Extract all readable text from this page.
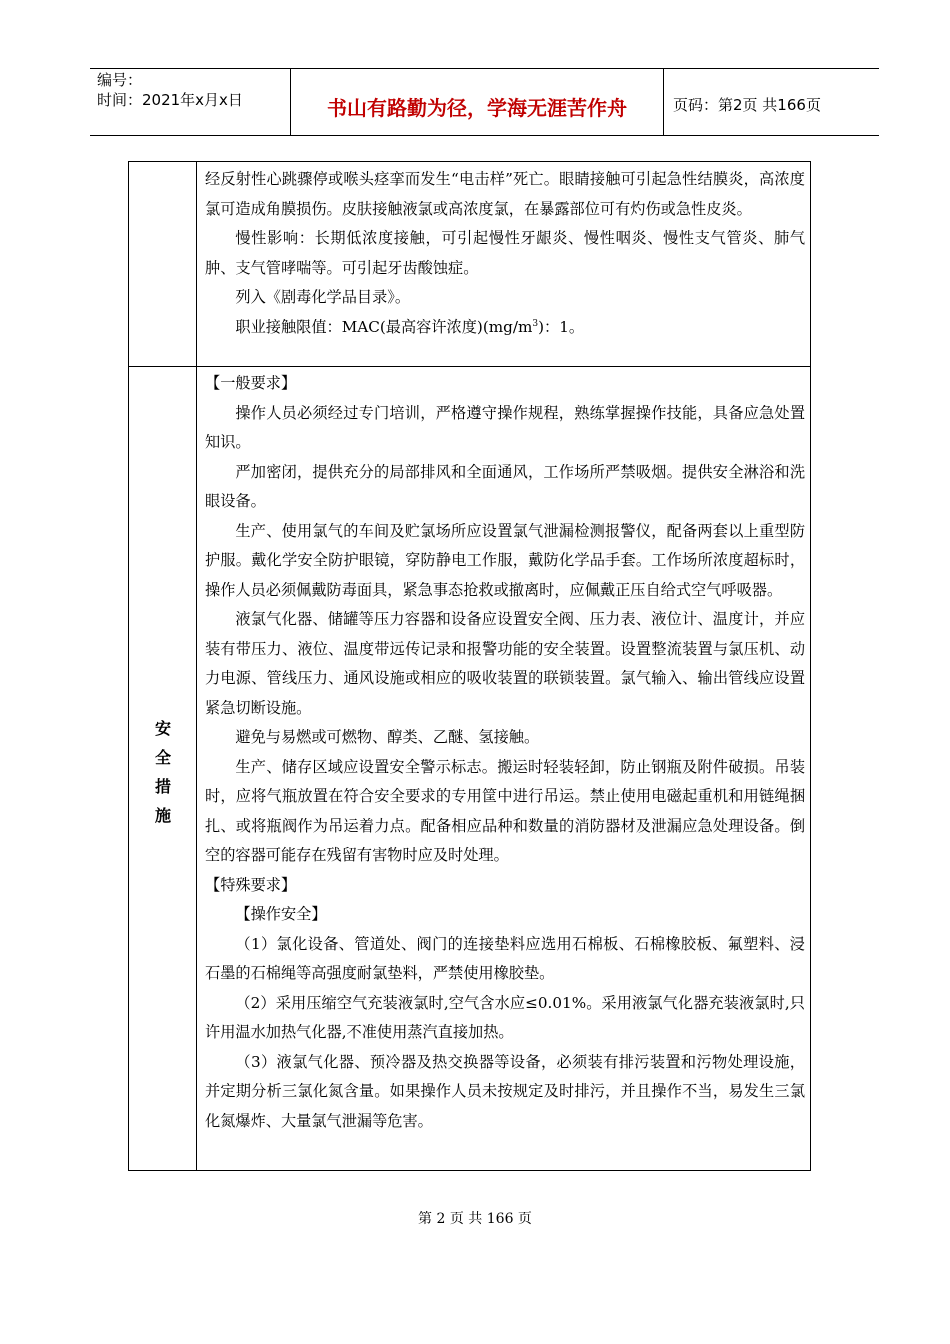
编号：
时间：2021年x月x日	书山有路勤为径，学海无涯苦作舟	页码：第2页 共166页

经反射性心跳骤停或喉头痉挛而发生“电击样”死亡。眼睛接触可引起急性结膜炎，高浓度氯可造成角膜损伤。皮肤接触液氯或高浓度氯，在暴露部位可有灼伤或急性皮炎。

慢性影响：长期低浓度接触，可引起慢性牙龈炎、慢性咽炎、慢性支气管炎、肺气肿、支气管哮喘等。可引起牙齿酸蚀症。

列入《剧毒化学品目录》。

职业接触限值：MAC(最高容许浓度)$(mg/m^3)$：1。

安
全
措
施

【一般要求】

操作人员必须经过专门培训，严格遵守操作规程，熟练掌握操作技能，具备应急处置知识。

严加密闭，提供充分的局部排风和全面通风，工作场所严禁吸烟。提供安全淋浴和洗眼设备。

生产、使用氯气的车间及贮氯场所应设置氯气泄漏检测报警仪，配备两套以上重型防护服。戴化学安全防护眼镜，穿防静电工作服，戴防化学品手套。工作场所浓度超标时，操作人员必须佩戴防毒面具，紧急事态抢救或撤离时，应佩戴正压自给式空气呼吸器。

液氯气化器、储罐等压力容器和设备应设置安全阀、压力表、液位计、温度计，并应装有带压力、液位、温度带远传记录和报警功能的安全装置。设置整流装置与氯压机、动力电源、管线压力、通风设施或相应的吸收装置的联锁装置。氯气输入、输出管线应设置紧急切断设施。

避免与易燃或可燃物、醇类、乙醚、氢接触。

生产、储存区域应设置安全警示标志。搬运时轻装轻卸，防止钢瓶及附件破损。吊装时，应将气瓶放置在符合安全要求的专用筐中进行吊运。禁止使用电磁起重机和用链绳捆扎、或将瓶阀作为吊运着力点。配备相应品种和数量的消防器材及泄漏应急处理设备。倒空的容器可能存在残留有害物时应及时处理。

【特殊要求】

【操作安全】

（1）氯化设备、管道处、阀门的连接垫料应选用石棉板、石棉橡胶板、氟塑料、浸石墨的石棉绳等高强度耐氯垫料，严禁使用橡胶垫。

（2）采用压缩空气充装液氯时,空气含水应≤0.01%。采用液氯气化器充装液氯时,只许用温水加热气化器,不准使用蒸汽直接加热。

（3）液氯气化器、预冷器及热交换器等设备，必须装有排污装置和污物处理设施，并定期分析三氯化氮含量。如果操作人员未按规定及时排污，并且操作不当，易发生三氯化氮爆炸、大量氯气泄漏等危害。

第 2 页 共 166 页
